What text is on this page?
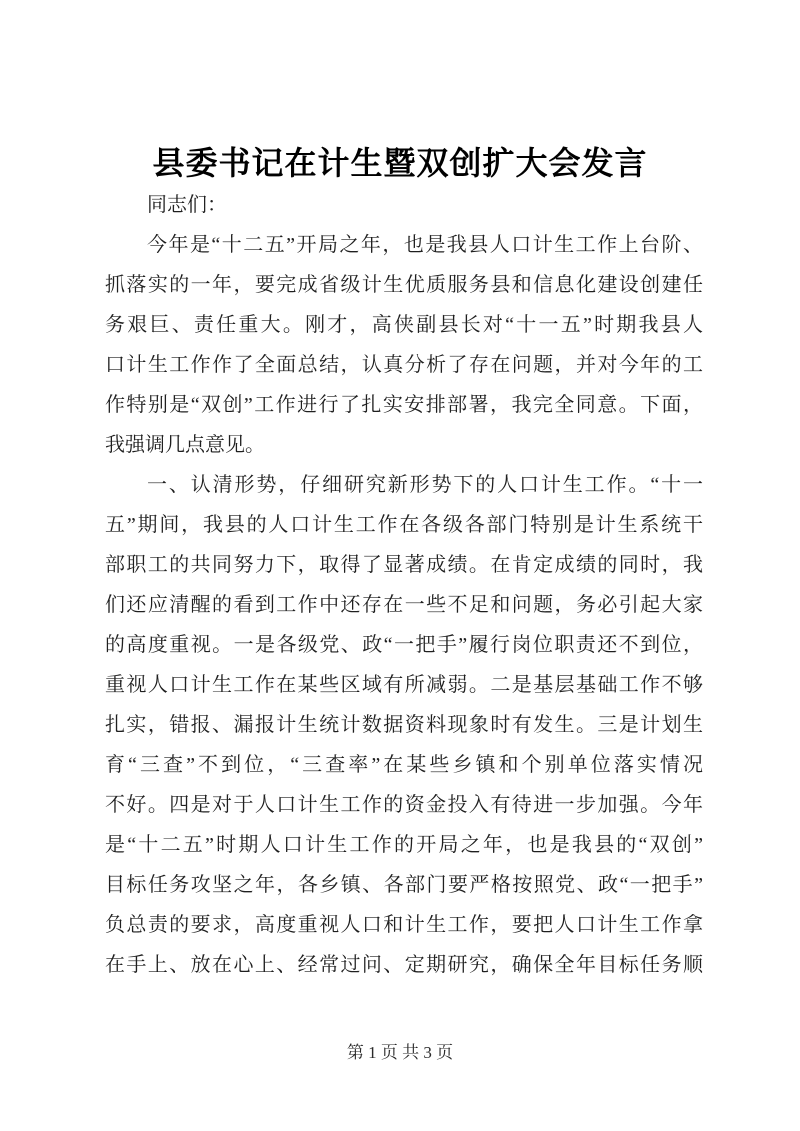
县委书记在计生暨双创扩大会发言
同志们：
今年是“十二五”开局之年，也是我县人口计生工作上台阶、
抓落实的一年，要完成省级计生优质服务县和信息化建设创建任
务艰巨、责任重大。刚才，高侠副县长对“十一五”时期我县人
口计生工作作了全面总结，认真分析了存在问题，并对今年的工
作特别是“双创”工作进行了扎实安排部署，我完全同意。下面，
我强调几点意见。
一、认清形势，仔细研究新形势下的人口计生工作。“十一
五”期间，我县的人口计生工作在各级各部门特别是计生系统干
部职工的共同努力下，取得了显著成绩。在肯定成绩的同时，我
们还应清醒的看到工作中还存在一些不足和问题，务必引起大家
的高度重视。一是各级党、政“一把手”履行岗位职责还不到位，
重视人口计生工作在某些区域有所减弱。二是基层基础工作不够
扎实，错报、漏报计生统计数据资料现象时有发生。三是计划生
育“三查”不到位，“三查率”在某些乡镇和个别单位落实情况
不好。四是对于人口计生工作的资金投入有待进一步加强。今年
是“十二五”时期人口计生工作的开局之年，也是我县的“双创”
目标任务攻坚之年，各乡镇、各部门要严格按照党、政“一把手”
负总责的要求，高度重视人口和计生工作，要把人口计生工作拿
在手上、放在心上、经常过问、定期研究，确保全年目标任务顺
第 1 页 共 3 页
